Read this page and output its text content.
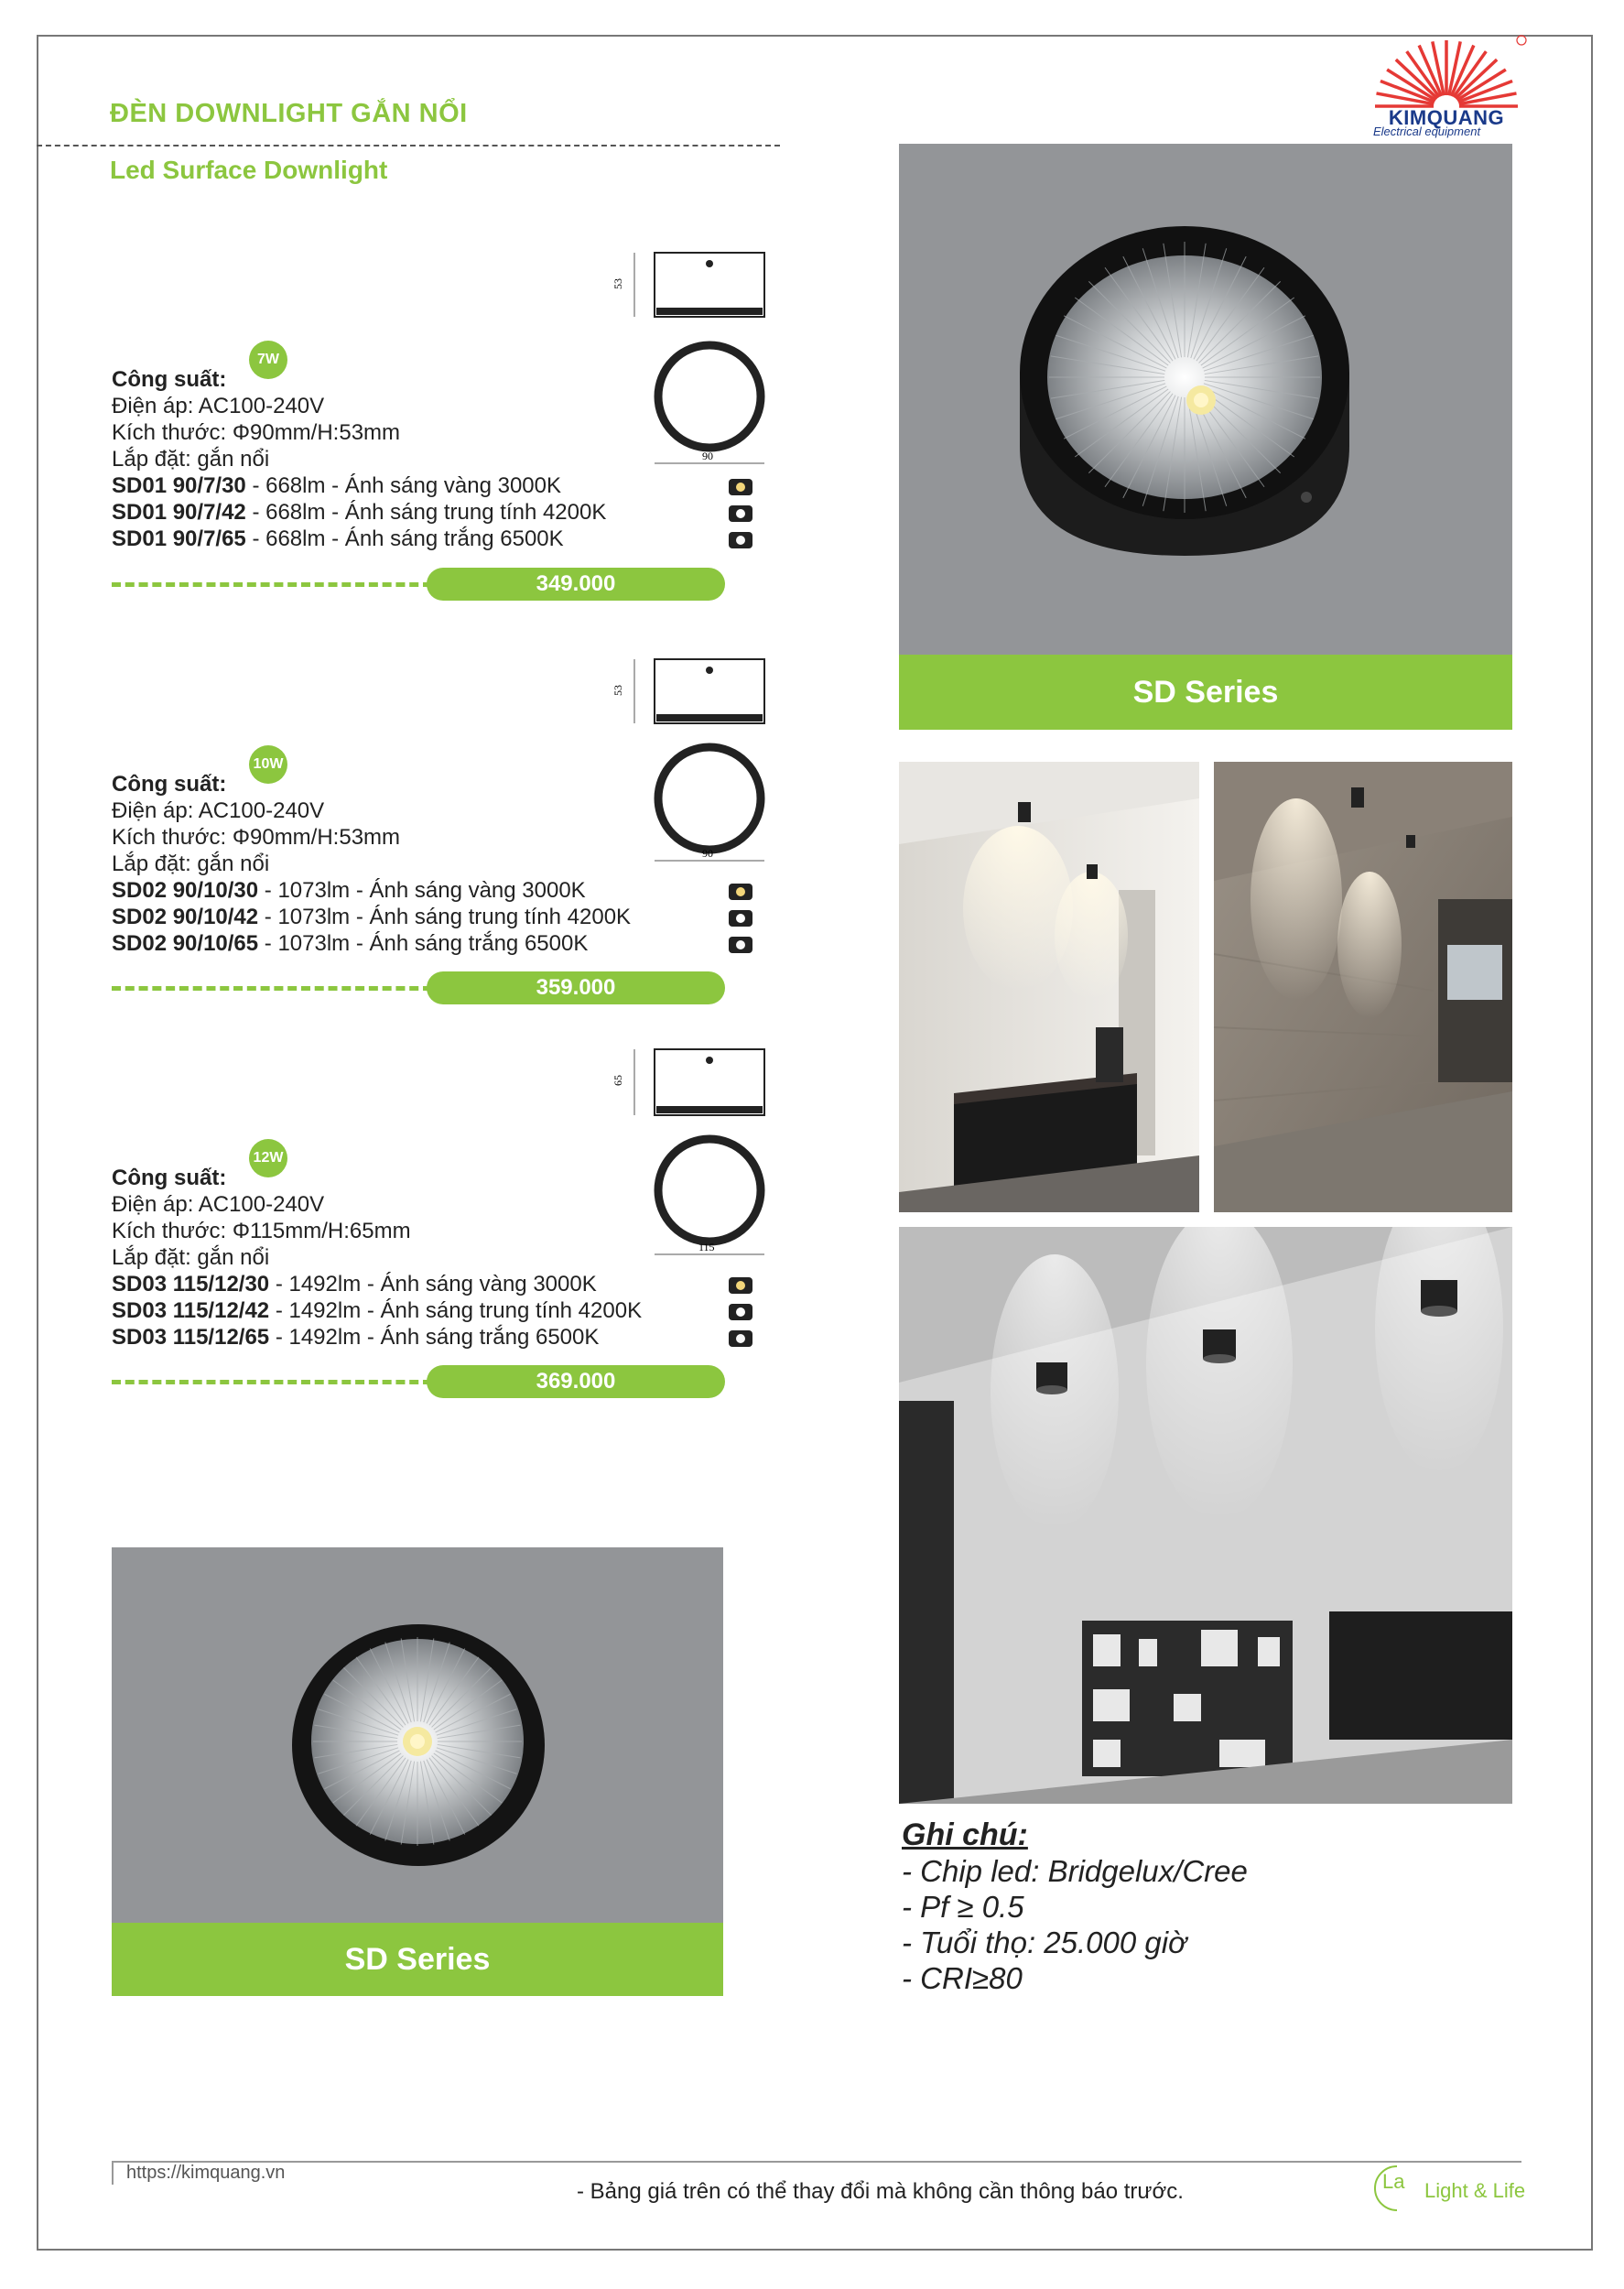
ĐÈN DOWNLIGHT GẮN NỔI
Led Surface Downlight
KIMQUANG
Electrical equipment
53
90
7W
Công suất:
Điện áp: AC100-240V
Kích thước: Φ90mm/H:53mm
Lắp đặt: gắn nổi
SD01 90/7/30 - 668lm - Ánh sáng vàng 3000K
SD01 90/7/42 - 668lm - Ánh sáng trung tính 4200K
SD01 90/7/65 - 668lm - Ánh sáng trắng 6500K
349.000
53
90
10W
Công suất:
Điện áp: AC100-240V
Kích thước: Φ90mm/H:53mm
Lắp đặt: gắn nổi
SD02 90/10/30 - 1073lm - Ánh sáng vàng 3000K
SD02 90/10/42 - 1073lm - Ánh sáng trung tính 4200K
SD02 90/10/65 - 1073lm - Ánh sáng trắng 6500K
359.000
65
115
12W
Công suất:
Điện áp: AC100-240V
Kích thước: Φ115mm/H:65mm
Lắp đặt: gắn nổi
SD03 115/12/30 - 1492lm - Ánh sáng vàng 3000K
SD03 115/12/42 - 1492lm - Ánh sáng trung tính 4200K
SD03 115/12/65 - 1492lm - Ánh sáng trắng 6500K
369.000
SD Series
SD Series
Ghi chú:
- Chip led: Bridgelux/Cree
- Pf ≥ 0.5
- Tuổi thọ: 25.000 giờ
- CRI≥80
https://kimquang.vn
- Bảng giá trên có thể thay đổi mà không cần thông báo trước.	La Light & Life
